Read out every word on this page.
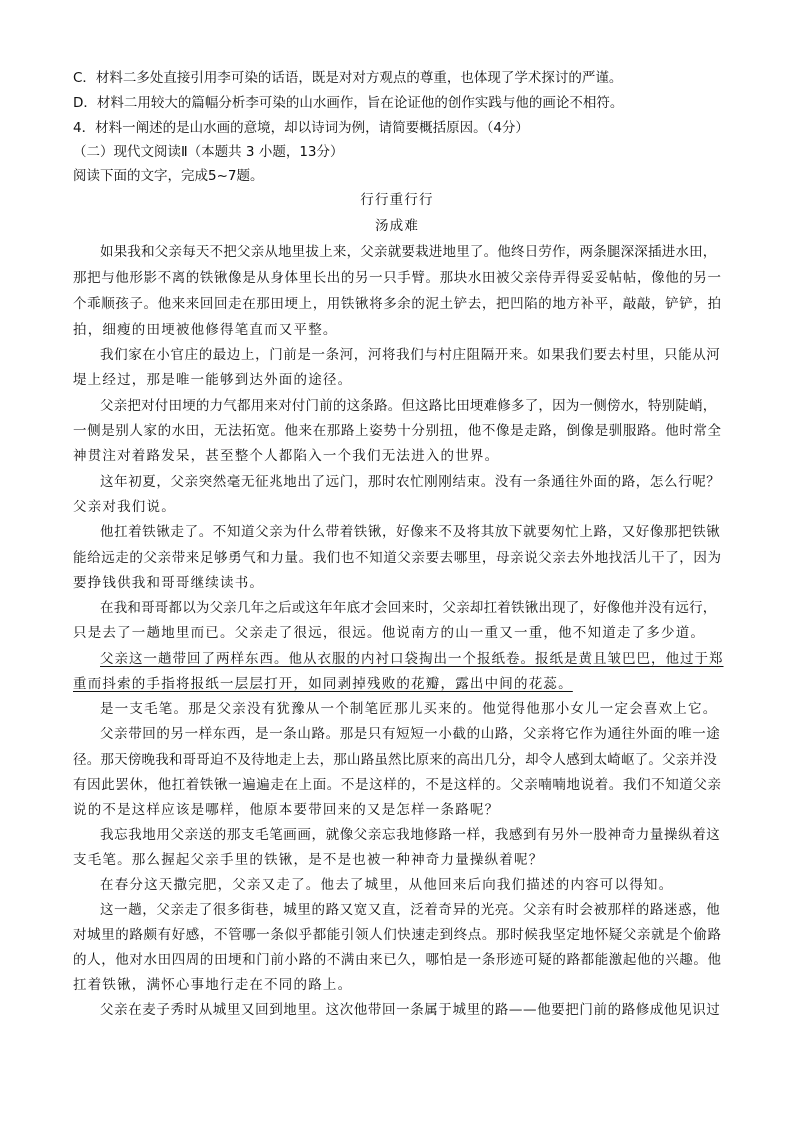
C．材料二多处直接引用李可染的话语，既是对对方观点的尊重，也体现了学术探讨的严谨。
D．材料二用较大的篇幅分析李可染的山水画作，旨在论证他的创作实践与他的画论不相符。
4．材料一阐述的是山水画的意境，却以诗词为例，请简要概括原因。（4分）
（二）现代文阅读Ⅱ（本题共 3 小题，13分）
阅读下面的文字，完成5~7题。
行行重行行
汤成难
如果我和父亲每天不把父亲从地里拔上来，父亲就要栽进地里了。他终日劳作，两条腿深深插进水田，
那把与他形影不离的铁锹像是从身体里长出的另一只手臂。那块水田被父亲侍弄得妥妥帖帖，像他的另一
个乖顺孩子。他来来回回走在那田埂上，用铁锹将多余的泥土铲去，把凹陷的地方补平，敲敲，铲铲，拍
拍，细瘦的田埂被他修得笔直而又平整。
我们家在小官庄的最边上，门前是一条河，河将我们与村庄阻隔开来。如果我们要去村里，只能从河
堤上经过，那是唯一能够到达外面的途径。
父亲把对付田埂的力气都用来对付门前的这条路。但这路比田埂难修多了，因为一侧傍水，特别陡峭，
一侧是别人家的水田，无法拓宽。他来在那路上姿势十分别扭，他不像是走路，倒像是驯服路。他时常全
神贯注对着路发呆，甚至整个人都陷入一个我们无法进入的世界。
这年初夏，父亲突然毫无征兆地出了远门，那时农忙刚刚结束。没有一条通往外面的路，怎么行呢？
父亲对我们说。
他扛着铁锹走了。不知道父亲为什么带着铁锹，好像来不及将其放下就要匆忙上路，又好像那把铁锹
能给远走的父亲带来足够勇气和力量。我们也不知道父亲要去哪里，母亲说父亲去外地找活儿干了，因为
要挣钱供我和哥哥继续读书。
在我和哥哥都以为父亲几年之后或这年年底才会回来时，父亲却扛着铁锹出现了，好像他并没有远行，
只是去了一趟地里而已。父亲走了很远，很远。他说南方的山一重又一重，他不知道走了多少道。
父亲这一趟带回了两样东西。他从衣服的内衬口袋掏出一个报纸卷。报纸是黄且皱巴巴，他过于郑
重而抖索的手指将报纸一层层打开，如同剥掉残败的花瓣，露出中间的花蕊。
是一支毛笔。那是父亲没有犹豫从一个制笔匠那儿买来的。他觉得他那小女儿一定会喜欢上它。
父亲带回的另一样东西，是一条山路。那是只有短短一小截的山路，父亲将它作为通往外面的唯一途
径。那天傍晚我和哥哥迫不及待地走上去，那山路虽然比原来的高出几分，却令人感到太崎岖了。父亲并没
有因此罢休，他扛着铁锹一遍遍走在上面。不是这样的，不是这样的。父亲喃喃地说着。我们不知道父亲
说的不是这样应该是哪样，他原本要带回来的又是怎样一条路呢？
我忘我地用父亲送的那支毛笔画画，就像父亲忘我地修路一样，我感到有另外一股神奇力量操纵着这
支毛笔。那么握起父亲手里的铁锹，是不是也被一种神奇力量操纵着呢？
在春分这天撒完肥，父亲又走了。他去了城里，从他回来后向我们描述的内容可以得知。
这一趟，父亲走了很多街巷，城里的路又宽又直，泛着奇异的光亮。父亲有时会被那样的路迷惑，他
对城里的路颇有好感，不管哪一条似乎都能引领人们快速走到终点。那时候我坚定地怀疑父亲就是个偷路
的人，他对水田四周的田埂和门前小路的不满由来已久，哪怕是一条形迹可疑的路都能激起他的兴趣。他
扛着铁锹，满怀心事地行走在不同的路上。
父亲在麦子秀时从城里又回到地里。这次他带回一条属于城里的路——他要把门前的路修成他见识过
